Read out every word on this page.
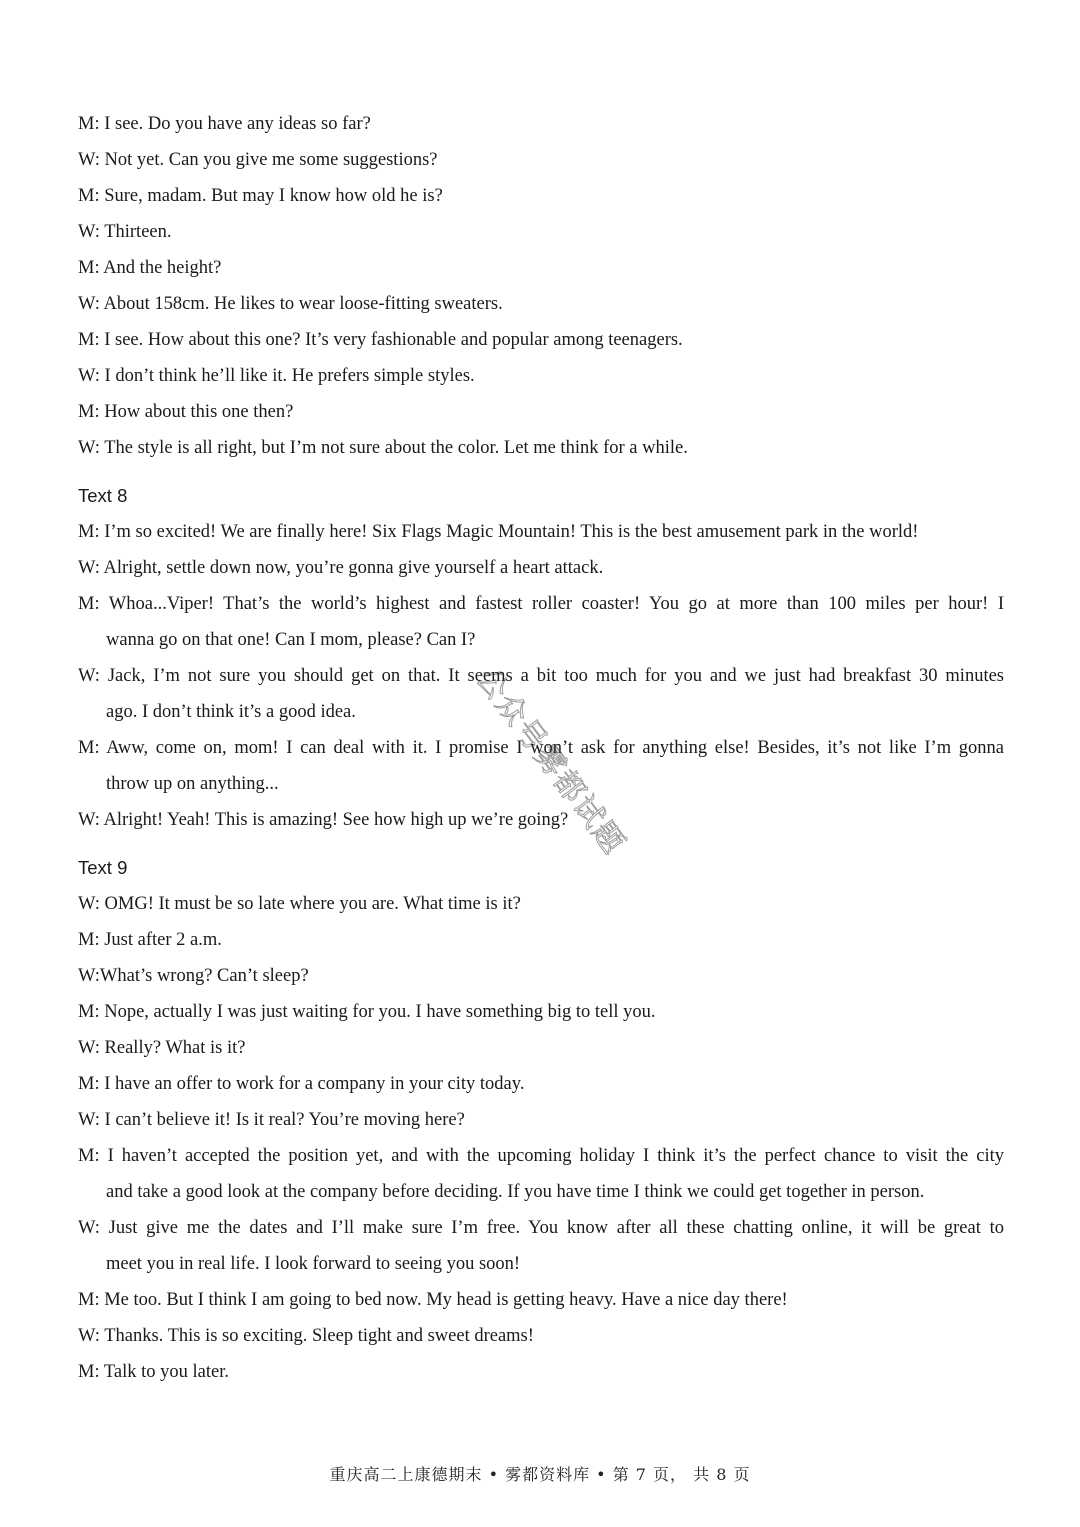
M: I see. Do you have any ideas so far?
W: Not yet. Can you give me some suggestions?
M: Sure, madam. But may I know how old he is?
W: Thirteen.
M: And the height?
W: About 158cm. He likes to wear loose-fitting sweaters.
M: I see. How about this one? It’s very fashionable and popular among teenagers.
W: I don’t think he’ll like it. He prefers simple styles.
M: How about this one then?
W: The style is all right, but I’m not sure about the color. Let me think for a while.
Text 8
M: I’m so excited! We are finally here! Six Flags Magic Mountain! This is the best amusement park in the world!
W: Alright, settle down now, you’re gonna give yourself a heart attack.
M: Whoa...Viper! That’s the world’s highest and fastest roller coaster! You go at more than 100 miles per hour! I
wanna go on that one! Can I mom, please? Can I?
W: Jack, I’m not sure you should get on that. It seems a bit too much for you and we just had breakfast 30 minutes
ago. I don’t think it’s a good idea.
M: Aww, come on, mom! I can deal with it. I promise I won’t ask for anything else! Besides, it’s not like I’m gonna
throw up on anything...
W: Alright! Yeah! This is amazing! See how high up we’re going?
Text 9
W: OMG! It must be so late where you are. What time is it?
M: Just after 2 a.m.
W:What’s wrong? Can’t sleep?
M: Nope, actually I was just waiting for you. I have something big to tell you.
W: Really? What is it?
M: I have an offer to work for a company in your city today.
W: I can’t believe it! Is it real? You’re moving here?
M: I haven’t accepted the position yet, and with the upcoming holiday I think it’s the perfect chance to visit the city
and take a good look at the company before deciding. If you have time I think we could get together in person.
W: Just give me the dates and I’ll make sure I’m free. You know after all these chatting online, it will be great to
meet you in real life. I look forward to seeing you soon!
M: Me too. But I think I am going to bed now. My head is getting heavy. Have a nice day there!
W: Thanks. This is so exciting. Sleep tight and sweet dreams!
M: Talk to you later.
公众号雾都试题
重庆高二上康德期末 • 雾都资料库 • 第 7 页， 共 8 页
